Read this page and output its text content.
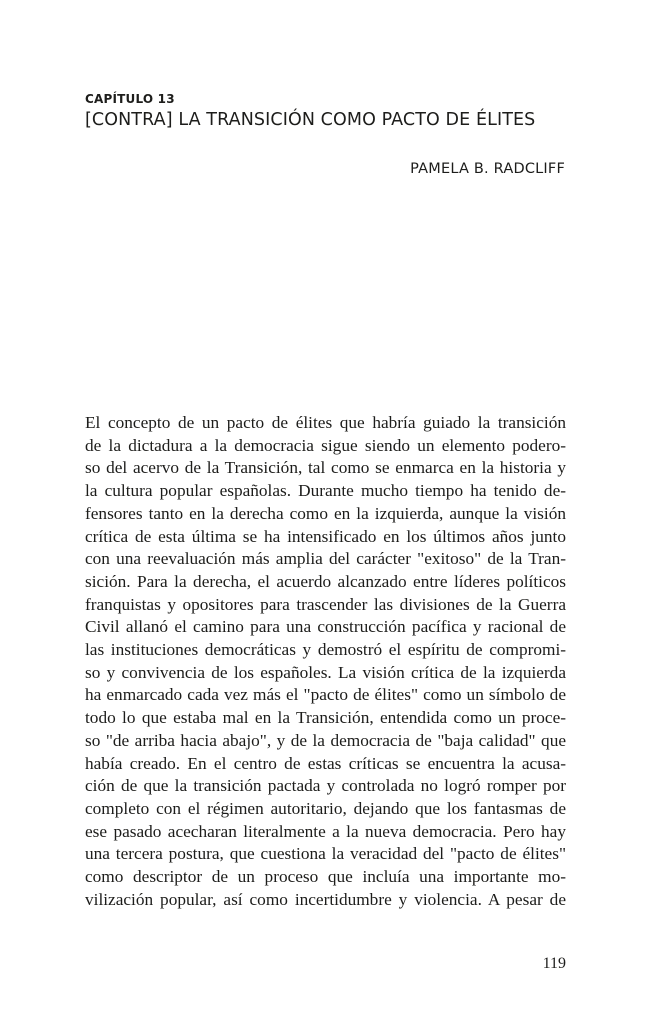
CAPÍTULO 13
[CONTRA] LA TRANSICIÓN COMO PACTO DE ÉLITES

PAMELA B. RADCLIFF

El concepto de un pacto de élites que habría guiado la transición
de la dictadura a la democracia sigue siendo un elemento podero-
so del acervo de la Transición, tal como se enmarca en la historia y
la cultura popular españolas. Durante mucho tiempo ha tenido de-
fensores tanto en la derecha como en la izquierda, aunque la visión
crítica de esta última se ha intensificado en los últimos años junto
con una reevaluación más amplia del carácter "exitoso" de la Tran-
sición. Para la derecha, el acuerdo alcanzado entre líderes políticos
franquistas y opositores para trascender las divisiones de la Guerra
Civil allanó el camino para una construcción pacífica y racional de
las instituciones democráticas y demostró el espíritu de compromi-
so y convivencia de los españoles. La visión crítica de la izquierda
ha enmarcado cada vez más el "pacto de élites" como un símbolo de
todo lo que estaba mal en la Transición, entendida como un proce-
so "de arriba hacia abajo", y de la democracia de "baja calidad" que
había creado. En el centro de estas críticas se encuentra la acusa-
ción de que la transición pactada y controlada no logró romper por
completo con el régimen autoritario, dejando que los fantasmas de
ese pasado acecharan literalmente a la nueva democracia. Pero hay
una tercera postura, que cuestiona la veracidad del "pacto de élites"
como descriptor de un proceso que incluía una importante mo-
vilización popular, así como incertidumbre y violencia. A pesar de

119
